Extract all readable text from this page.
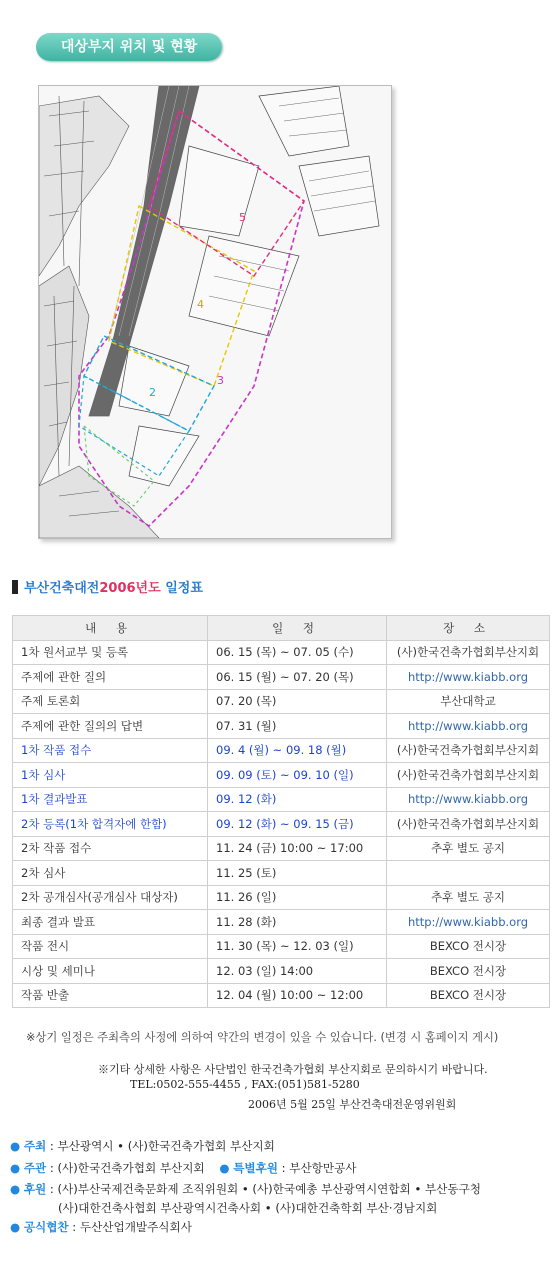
대상부지 위치 및 현황
5
4
2
3
부산건축대전2006년도 일정표
내 용	일 정	장 소
1차 원서교부 및 등록	06. 15 (목) ~ 07. 05 (수)	(사)한국건축가협회부산지회
주제에 관한 질의	06. 15 (월) ~ 07. 20 (목)	http://www.kiabb.org
주제 토론회	07. 20 (목)	부산대학교
주제에 관한 질의의 답변	07. 31 (월)	http://www.kiabb.org
1차 작품 접수	09. 4 (월) ~ 09. 18 (월)	(사)한국건축가협회부산지회
1차 심사	09. 09 (토) ~ 09. 10 (일)	(사)한국건축가협회부산지회
1차 결과발표	09. 12 (화)	http://www.kiabb.org
2차 등록(1차 합격자에 한함)	09. 12 (화) ~ 09. 15 (금)	(사)한국건축가협회부산지회
2차 작품 접수	11. 24 (금) 10:00 ~ 17:00	추후 별도 공지
2차 심사	11. 25 (토)	
2차 공개심사(공개심사 대상자)	11. 26 (일)	추후 별도 공지
최종 결과 발표	11. 28 (화)	http://www.kiabb.org
작품 전시	11. 30 (목) ~ 12. 03 (일)	BEXCO 전시장
시상 및 세미나	12. 03 (일) 14:00	BEXCO 전시장
작품 반출	12. 04 (월) 10:00 ~ 12:00	BEXCO 전시장
※상기 일정은 주최측의 사정에 의하여 약간의 변경이 있을 수 있습니다. (변경 시 홈페이지 게시)
※기타 상세한 사항은 사단법인 한국건축가협회 부산지회로 문의하시기 바랍니다.
TEL:0502-555-4455 , FAX:(051)581-5280
2006년 5월 25일 부산건축대전운영위원회
● 주최 : 부산광역시 • (사)한국건축가협회 부산지회
● 주관 : (사)한국건축가협회 부산지회 ● 특별후원 : 부산항만공사
● 후원 : (사)부산국제건축문화제 조직위원회 • (사)한국예총 부산광역시연합회 • 부산동구청
(사)대한건축사협회 부산광역시건축사회 • (사)대한건축학회 부산·경남지회
● 공식협찬 : 두산산업개발주식회사
